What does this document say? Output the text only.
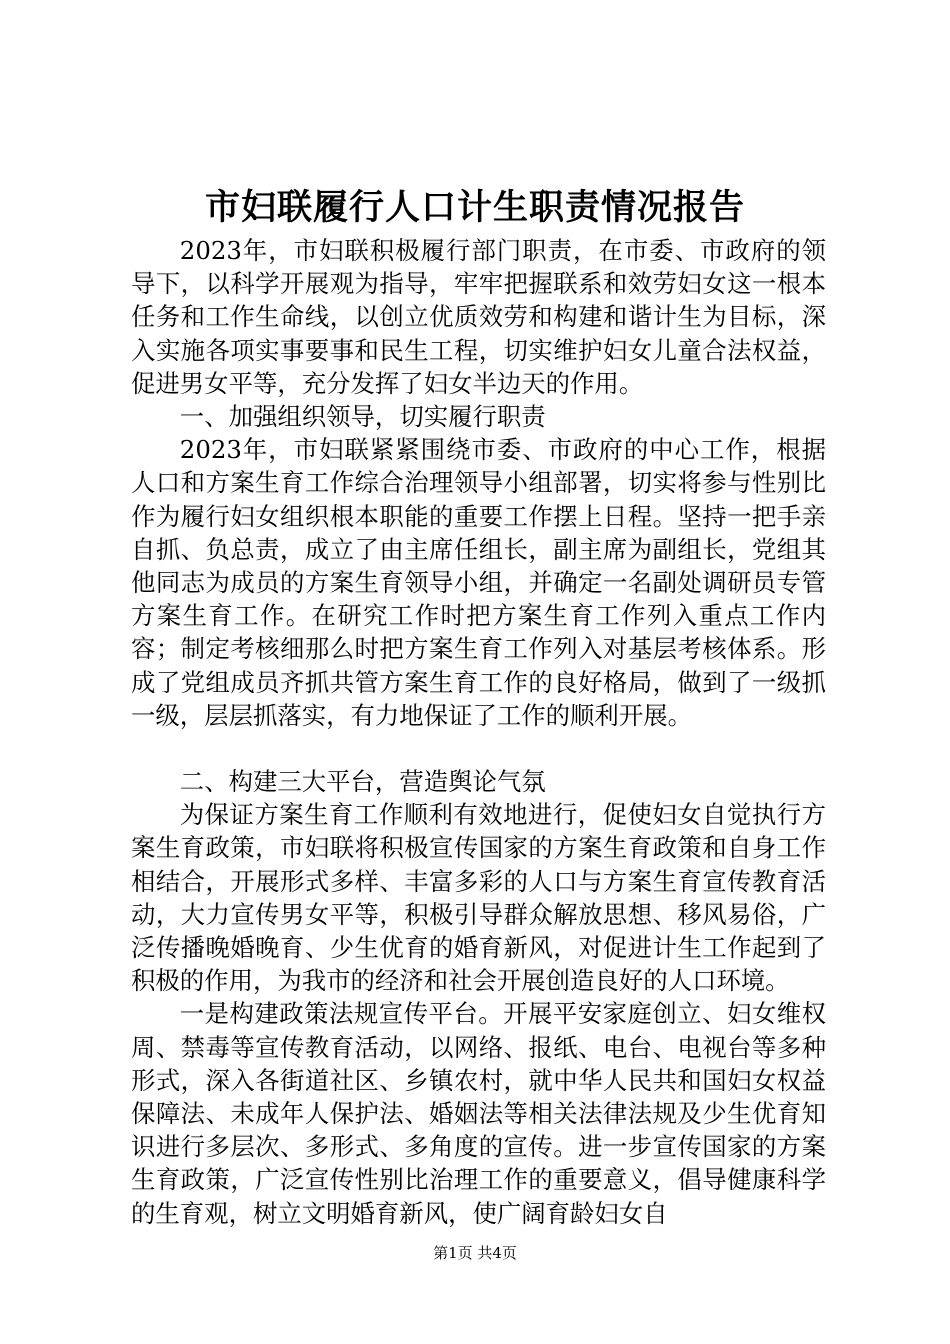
市妇联履行人口计生职责情况报告

2023年，市妇联积极履行部门职责，在市委、市政府的领导下，以科学开展观为指导，牢牢把握联系和效劳妇女这一根本任务和工作生命线，以创立优质效劳和构建和谐计生为目标，深入实施各项实事要事和民生工程，切实维护妇女儿童合法权益，促进男女平等，充分发挥了妇女半边天的作用。

一、加强组织领导，切实履行职责

2023年，市妇联紧紧围绕市委、市政府的中心工作，根据人口和方案生育工作综合治理领导小组部署，切实将参与性别比作为履行妇女组织根本职能的重要工作摆上日程。坚持一把手亲自抓、负总责，成立了由主席任组长，副主席为副组长，党组其他同志为成员的方案生育领导小组，并确定一名副处调研员专管方案生育工作。在研究工作时把方案生育工作列入重点工作内容；制定考核细那么时把方案生育工作列入对基层考核体系。形成了党组成员齐抓共管方案生育工作的良好格局，做到了一级抓一级，层层抓落实，有力地保证了工作的顺利开展。

二、构建三大平台，营造舆论气氛

为保证方案生育工作顺利有效地进行，促使妇女自觉执行方案生育政策，市妇联将积极宣传国家的方案生育政策和自身工作相结合，开展形式多样、丰富多彩的人口与方案生育宣传教育活动，大力宣传男女平等，积极引导群众解放思想、移风易俗，广泛传播晚婚晚育、少生优育的婚育新风，对促进计生工作起到了积极的作用，为我市的经济和社会开展创造良好的人口环境。

一是构建政策法规宣传平台。开展平安家庭创立、妇女维权周、禁毒等宣传教育活动，以网络、报纸、电台、电视台等多种形式，深入各街道社区、乡镇农村，就中华人民共和国妇女权益保障法、未成年人保护法、婚姻法等相关法律法规及少生优育知识进行多层次、多形式、多角度的宣传。进一步宣传国家的方案生育政策，广泛宣传性别比治理工作的重要意义，倡导健康科学的生育观，树立文明婚育新风，使广阔育龄妇女自

第1页 共4页
